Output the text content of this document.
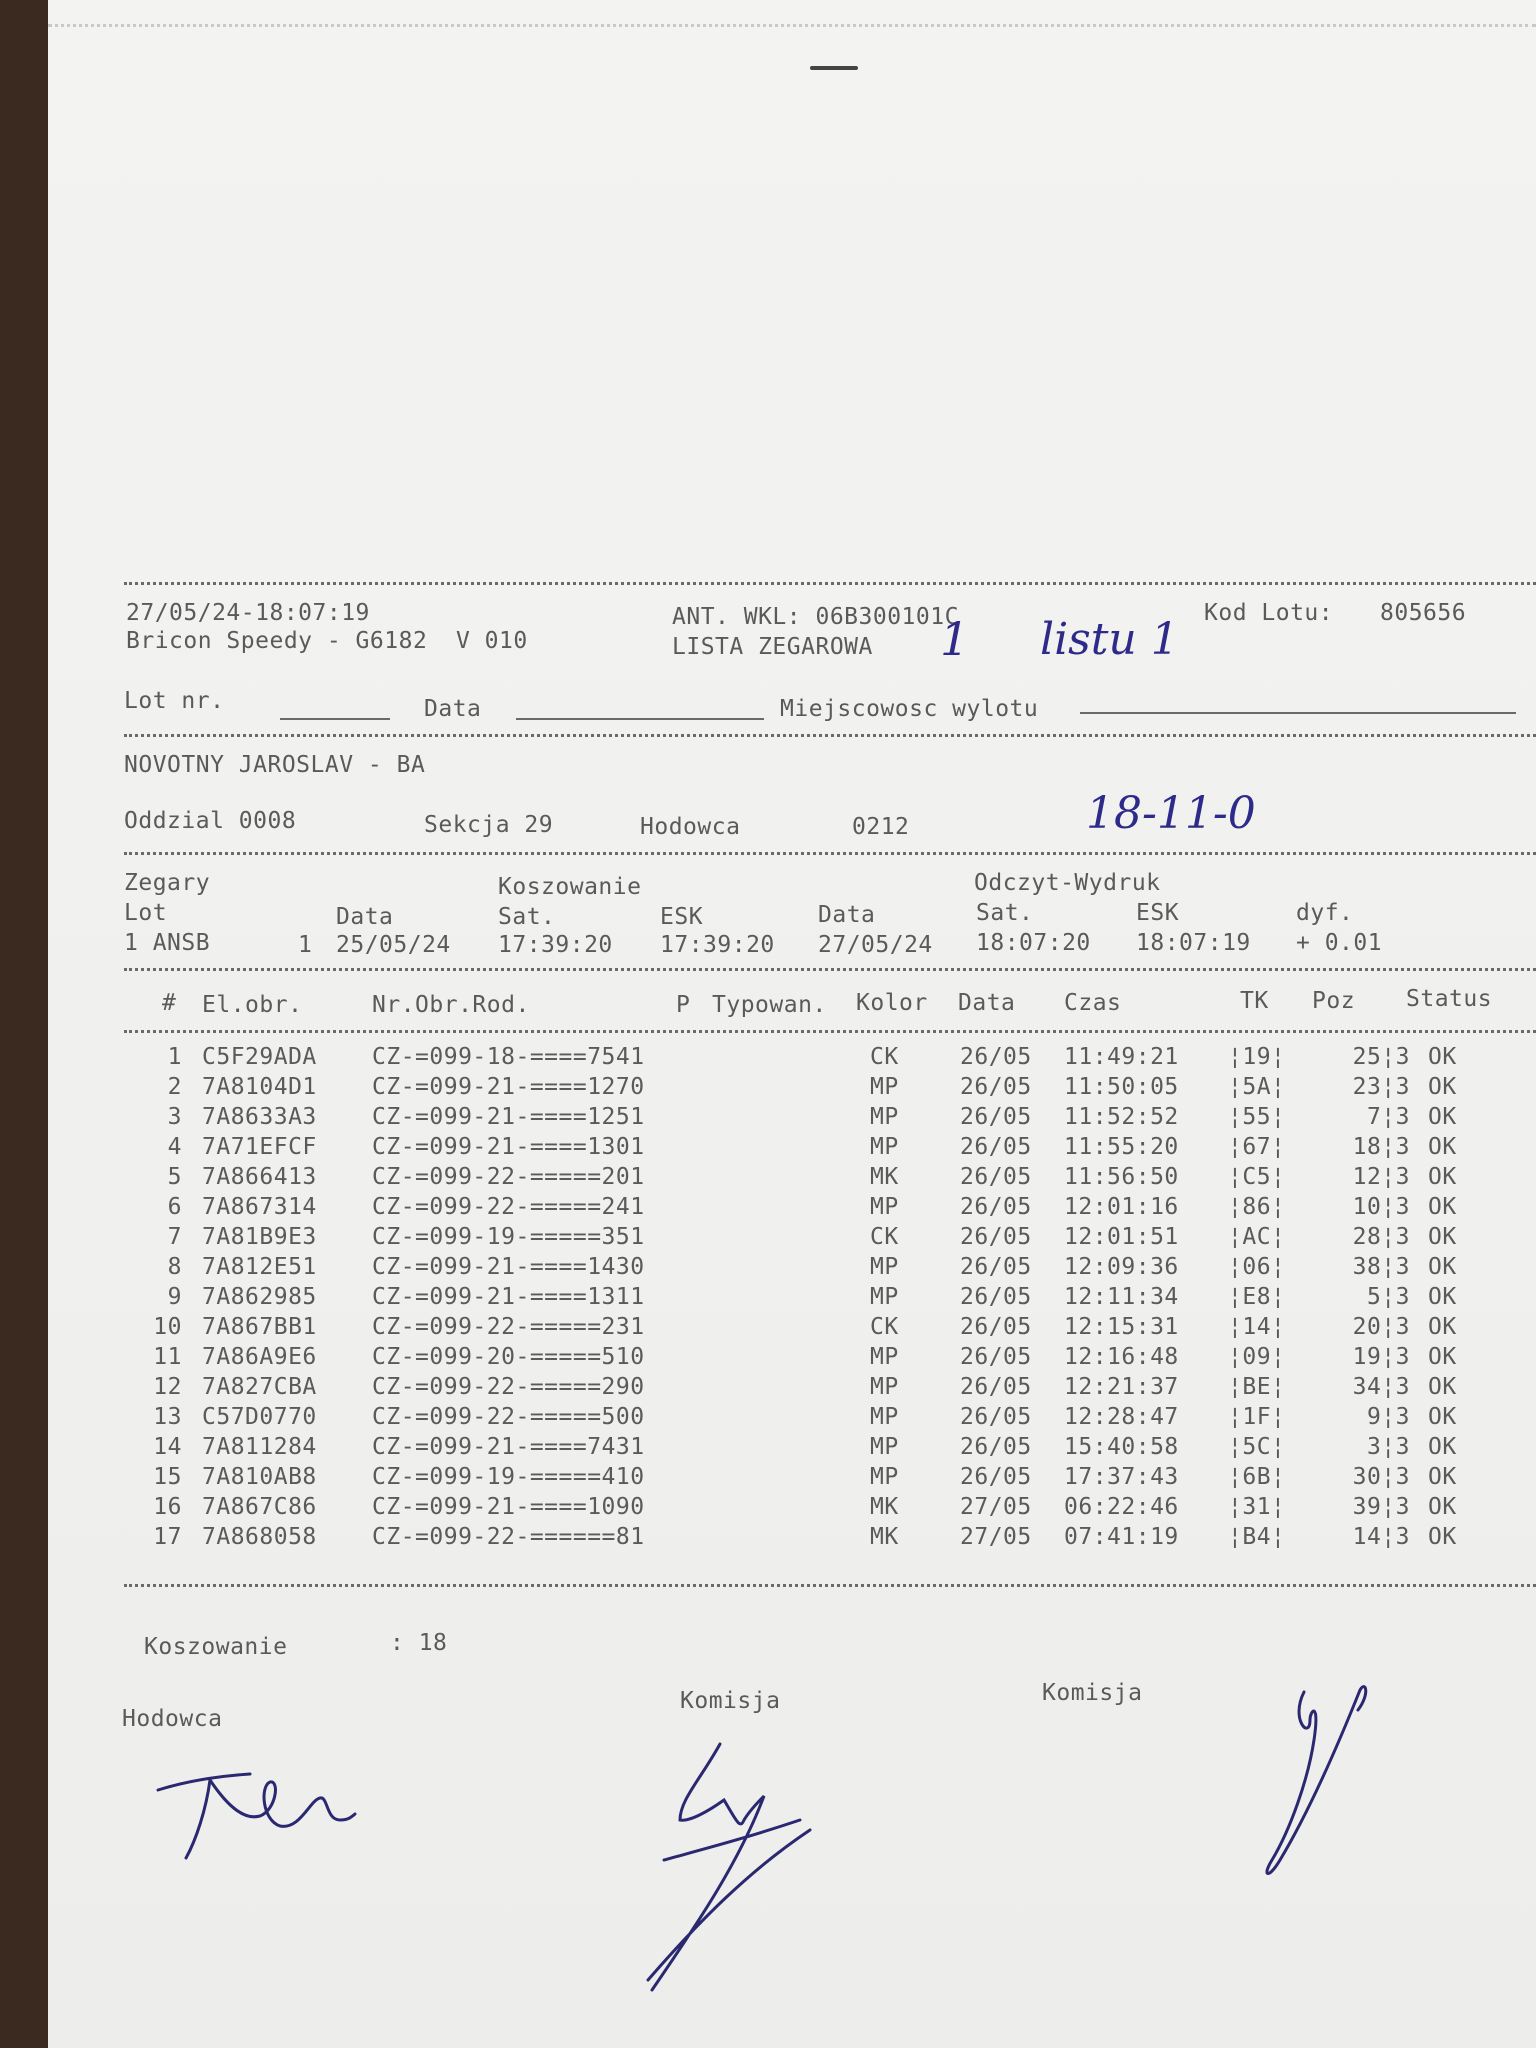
27/05/24-18:07:19
Bricon Speedy - G6182  V 010
ANT. WKL: 06B300101C
LISTA ZEGAROWA
Kod Lotu: 805656
1 listu 1
18-11-0
Lot nr.	Data	Miejscowosc wylotu
NOVOTNY JAROSLAV - BA
Oddzial 0008	Sekcja 29	Hodowca	0212
Zegary	Koszowanie	Odczyt-Wydruk
Lot	Data	Sat.	ESK	Data	Sat.	ESK	dyf.
1 ANSB	1 25/05/24 17:39:20 17:39:20 27/05/24 18:07:20 18:07:19 + 0.01
# El.obr.	Nr.Obr.Rod.	P Typowan. Kolor Data Czas	TK Poz Status
1 C5F29ADA CZ-=099-18-====7541	CK	26/05 11:49:21 ¦19¦	25¦3 OK
2 7A8104D1 CZ-=099-21-====1270	MP	26/05 11:50:05 ¦5A¦	23¦3 OK
3 7A8633A3 CZ-=099-21-====1251	MP	26/05 11:52:52 ¦55¦	7¦3 OK
4 7A71EFCF CZ-=099-21-====1301	MP	26/05 11:55:20 ¦67¦	18¦3 OK
5 7A866413 CZ-=099-22-=====201	MK	26/05 11:56:50 ¦C5¦	12¦3 OK
6 7A867314 CZ-=099-22-=====241	MP	26/05 12:01:16 ¦86¦	10¦3 OK
7 7A81B9E3 CZ-=099-19-=====351	CK	26/05 12:01:51 ¦AC¦	28¦3 OK
8 7A812E51 CZ-=099-21-====1430	MP	26/05 12:09:36 ¦06¦	38¦3 OK
9 7A862985 CZ-=099-21-====1311	MP	26/05 12:11:34 ¦E8¦	5¦3 OK
10 7A867BB1 CZ-=099-22-=====231	CK	26/05 12:15:31 ¦14¦	20¦3 OK
11 7A86A9E6 CZ-=099-20-=====510	MP	26/05 12:16:48 ¦09¦	19¦3 OK
12 7A827CBA CZ-=099-22-=====290	MP	26/05 12:21:37 ¦BE¦	34¦3 OK
13 C57D0770 CZ-=099-22-=====500	MP	26/05 12:28:47 ¦1F¦	9¦3 OK
14 7A811284 CZ-=099-21-====7431	MP	26/05 15:40:58 ¦5C¦	3¦3 OK
15 7A810AB8 CZ-=099-19-=====410	MP	26/05 17:37:43 ¦6B¦	30¦3 OK
16 7A867C86 CZ-=099-21-====1090	MK	27/05 06:22:46 ¦31¦	39¦3 OK
17 7A868058 CZ-=099-22-======81	MK	27/05 07:41:19 ¦B4¦	14¦3 OK
Koszowanie	: 18
Hodowca
Komisja	Komisja
